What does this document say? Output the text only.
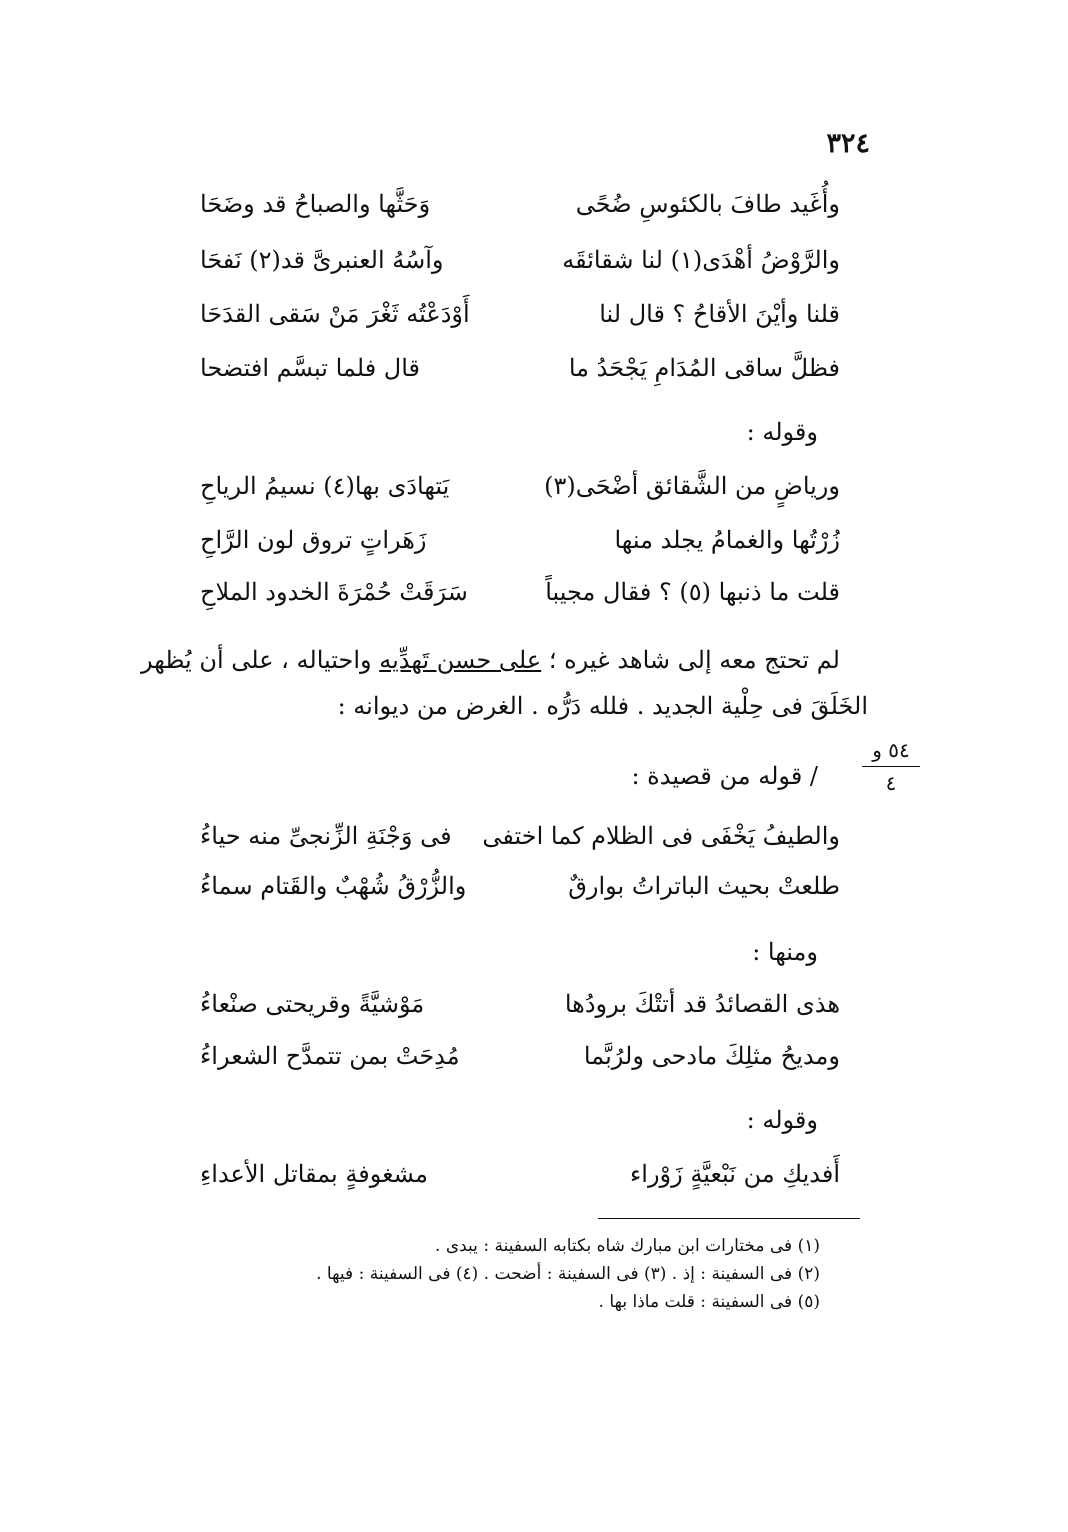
٣٢٤
وأُغَيد طافَ بالكئوسِ ضُحًى
وَحَثَّها والصباحُ قد وضَحَا
والرَّوْضُ أهْدَى(١) لنا شقائقَه
وآسُهُ العنبرىَّ قد(٢) نَفحَا
قلنا وأيْنَ الأقاحُ ؟ قال لنا
أَوْدَعْتُه ثَغْرَ مَنْ سَقى القدَحَا
فظلَّ ساقى المُدَامِ يَجْحَدُ ما
قال فلما تبسَّم افتضحا
وقوله :
ورياضٍ من الشَّقائق أضْحَى(٣)
يَتهادَى بها(٤) نسيمُ الرياحِ
زُرْتُها والغمامُ يجلد منها
زَهَراتٍ تروق لون الرَّاحِ
قلت ما ذنبها (٥) ؟ فقال مجيباً
سَرَقَتْ حُمْرَةَ الخدود الملاحِ
لم تحتج معه إلى شاهد غيره ؛ على حسن تَهدِّيه واحتياله ، على أن يُظهر
الخَلَقَ فى حِلْية الجديد . فلله دَرُّه . الغرض من ديوانه :
٥٤ و
٤
/ قوله من قصيدة :
والطيفُ يَخْفَى فى الظلام كما اختفى
فى وَجْنَةِ الزِّنجىِّ منه حياءُ
طلعتْ بحيث الباتراتُ بوارقٌ
والزُّرْقُ شُهْبٌ والقَتام سماءُ
ومنها :
هذى القصائدُ قد أتتْكَ برودُها
مَوْشيَّةً وقريحتى صنْعاءُ
ومديحُ مثلِكَ مادحى ولرُبَّما
مُدِحَتْ بمن تتمدَّح الشعراءُ
وقوله :
أَفديكِ من نَبْعيَّةٍ زَوْراء
مشغوفةٍ بمقاتل الأعداءِ
(١) فى مختارات ابن مبارك شاه بكتابه السفينة : يبدى .
(٢) فى السفينة : إذ . (٣) فى السفينة : أضحت . (٤) فى السفينة : فيها .
(٥) فى السفينة : قلت ماذا بها .
